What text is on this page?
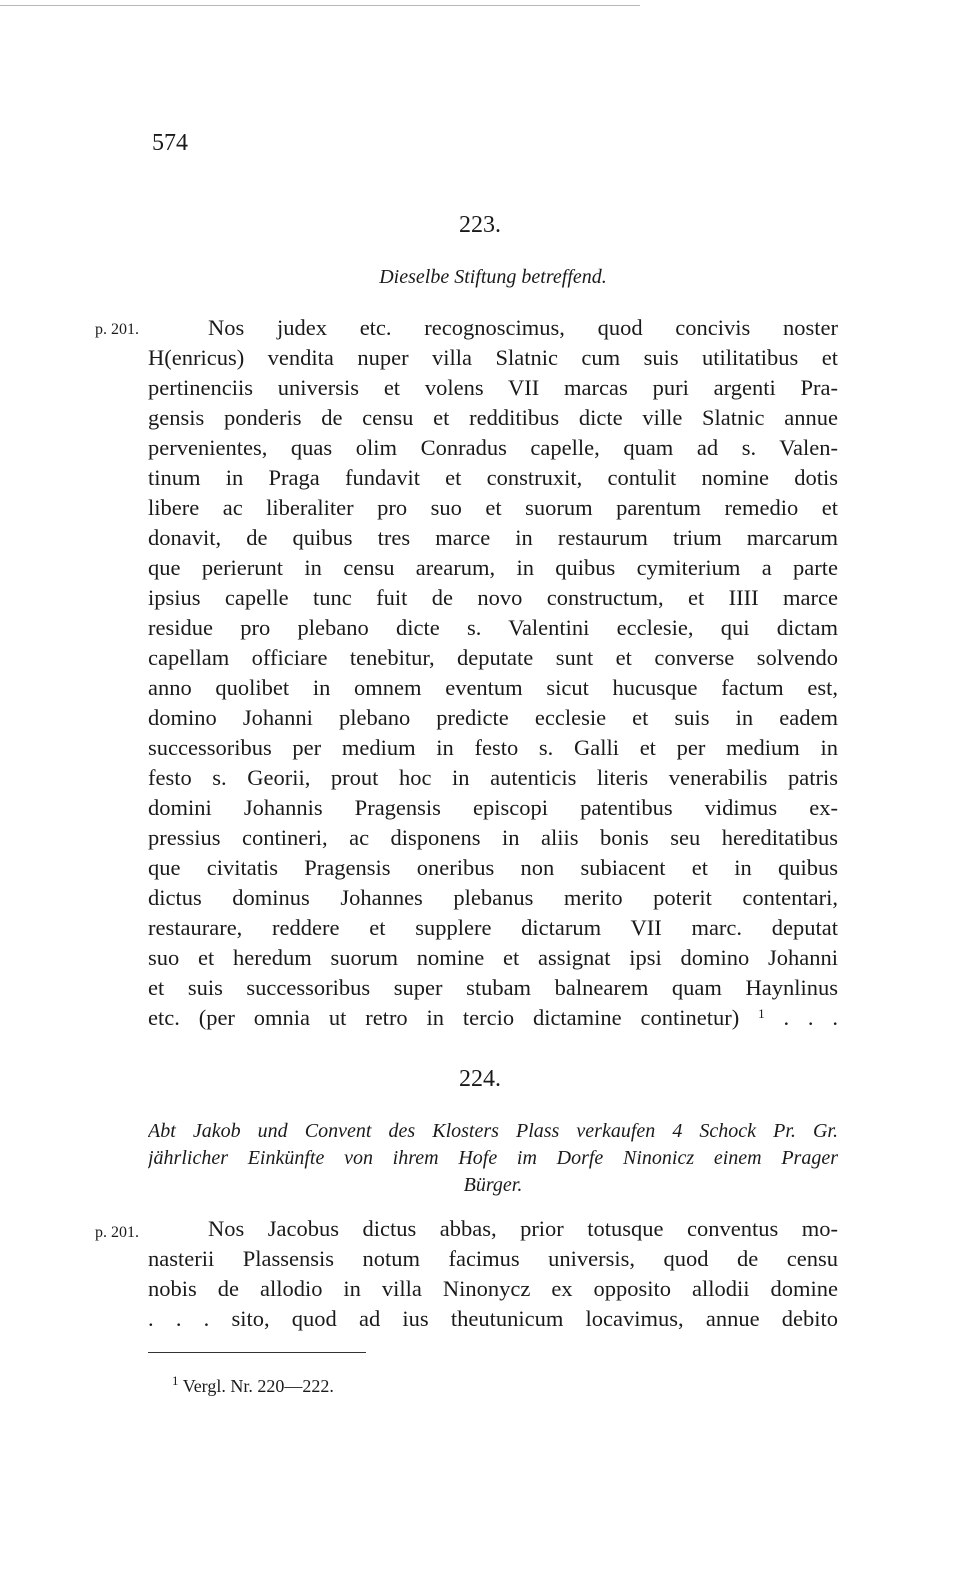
574
223.
Dieselbe Stiftung betreffend.
p. 201.	Nos judex etc. recognoscimus, quod concivis noster
H(enricus) vendita nuper villa Slatnic cum suis utilitatibus et
pertinenciis universis et volens VII marcas puri argenti Pra-
gensis ponderis de censu et redditibus dicte ville Slatnic annue
pervenientes, quas olim Conradus capelle, quam ad s. Valen-
tinum in Praga fundavit et construxit, contulit nomine dotis
libere ac liberaliter pro suo et suorum parentum remedio et
donavit, de quibus tres marce in restaurum trium marcarum
que perierunt in censu arearum, in quibus cymiterium a parte
ipsius capelle tunc fuit de novo constructum, et IIII marce
residue pro plebano dicte s. Valentini ecclesie, qui dictam
capellam officiare tenebitur, deputate sunt et converse solvendo
anno quolibet in omnem eventum sicut hucusque factum est,
domino Johanni plebano predicte ecclesie et suis in eadem
successoribus per medium in festo s. Galli et per medium in
festo s. Georii, prout hoc in autenticis literis venerabilis patris
domini Johannis Pragensis episcopi patentibus vidimus ex-
pressius contineri, ac disponens in aliis bonis seu hereditatibus
que civitatis Pragensis oneribus non subiacent et in quibus
dictus dominus Johannes plebanus merito poterit contentari,
restaurare, reddere et supplere dictarum VII marc. deputat
suo et heredum suorum nomine et assignat ipsi domino Johanni
et suis successoribus super stubam balnearem quam Haynlinus
etc. (per omnia ut retro in tercio dictamine continetur) $^1$ . . .
224.
Abt Jakob und Convent des Klosters Plass verkaufen 4 Schock Pr. Gr.
jährlicher Einkünfte von ihrem Hofe im Dorfe Ninonicz einem Prager
Bürger.
p. 201.	Nos Jacobus dictus abbas, prior totusque conventus mo-
nasterii Plassensis notum facimus universis, quod de censu
nobis de allodio in villa Ninonycz ex opposito allodii domine
. . . sito, quod ad ius theutunicum locavimus, annue debito
$^1$ Vergl. Nr. 220—222.
